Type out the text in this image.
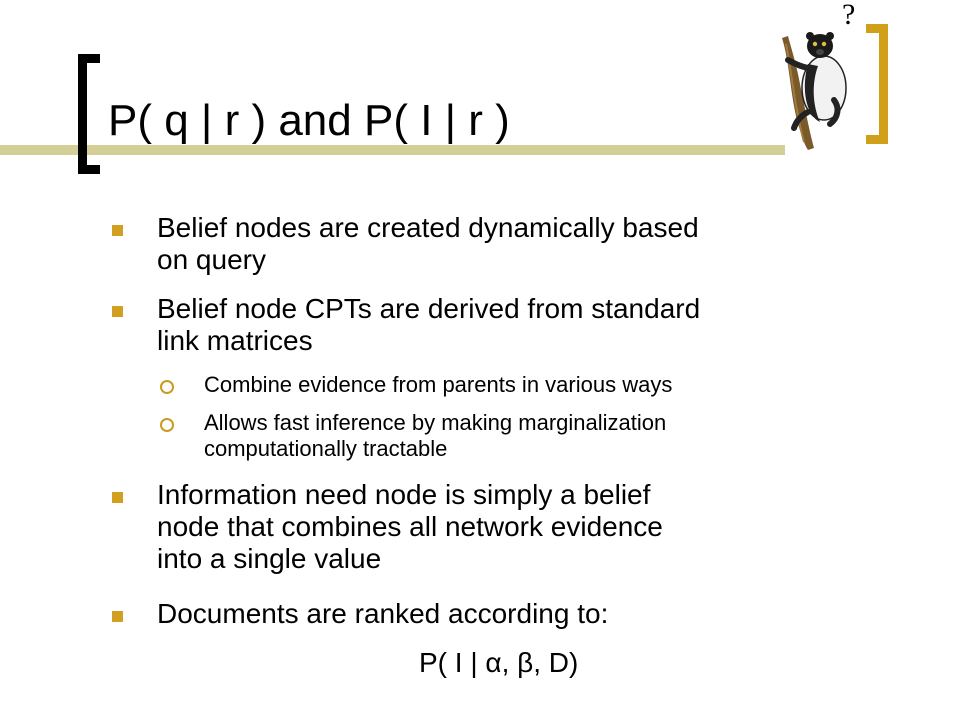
P( q | r ) and P( I | r )
?
Belief nodes are created dynamically based
on query
Belief node CPTs are derived from standard
link matrices
Combine evidence from parents in various ways
Allows fast inference by making marginalization
computationally tractable
Information need node is simply a belief
node that combines all network evidence
into a single value
Documents are ranked according to:
P( I | α, β, D)
